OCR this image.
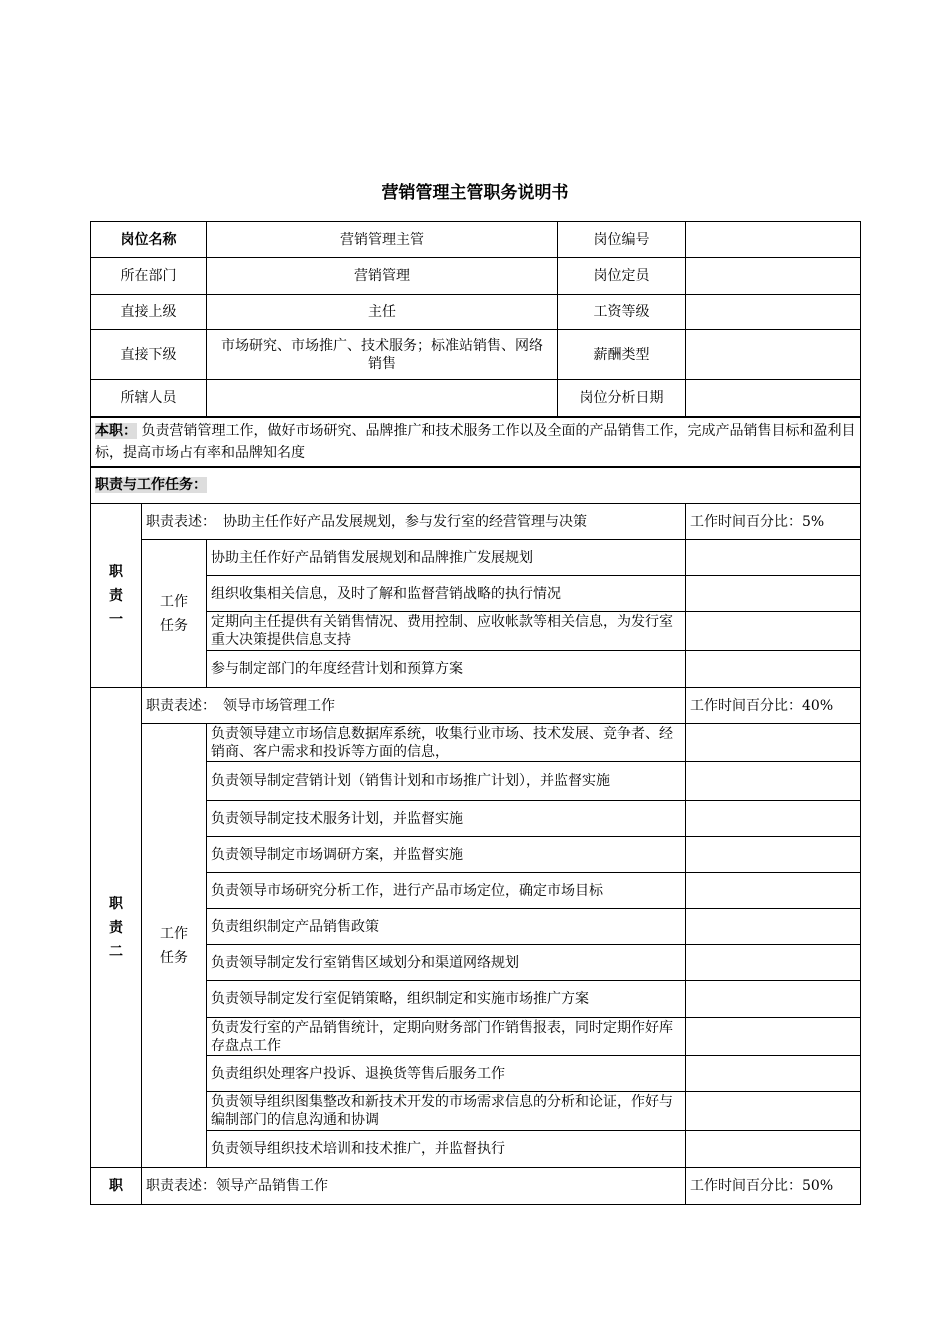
营销管理主管职务说明书
岗位名称		营销管理主管	岗位编号	
所在部门		营销管理	岗位定员	
直接上级		主任	工资等级	
直接下级		市场研究、市场推广、技术服务；标准站销售、网络销售	薪酬类型	
所辖人员			岗位分析日期	
本职： 负责营销管理工作，做好市场研究、品牌推广和技术服务工作以及全面的产品销售工作，完成产品销售目标和盈利目标，提高市场占有率和品牌知名度				
职责与工作任务：				

职
责
一	职责表述：　协助主任作好产品发展规划，参与发行室的经营管理与决策			工作时间百分比：5%

	工作
任务	协助主任作好产品销售发展规划和品牌推广发展规划		
		组织收集相关信息，及时了解和监督营销战略的执行情况		
		定期向主任提供有关销售情况、费用控制、应收帐款等相关信息，为发行室重大决策提供信息支持		
		参与制定部门的年度经营计划和预算方案		

职
责
二	职责表述：　领导市场管理工作			工作时间百分比：40%

	工作
任务	负责领导建立市场信息数据库系统，收集行业市场、技术发展、竞争者、经销商、客户需求和投诉等方面的信息，		
		负责领导制定营销计划（销售计划和市场推广计划），并监督实施		
		负责领导制定技术服务计划，并监督实施		
		负责领导制定市场调研方案，并监督实施		
		负责领导市场研究分析工作，进行产品市场定位，确定市场目标		
		负责组织制定产品销售政策		
		负责领导制定发行室销售区域划分和渠道网络规划		
		负责领导制定发行室促销策略，组织制定和实施市场推广方案		
		负责发行室的产品销售统计，定期向财务部门作销售报表，同时定期作好库存盘点工作		
		负责组织处理客户投诉、退换货等售后服务工作		
		负责领导组织图集整改和新技术开发的市场需求信息的分析和论证，作好与编制部门的信息沟通和协调		
		负责领导组织技术培训和技术推广，并监督执行		

职	职责表述：领导产品销售工作			工作时间百分比：50%
